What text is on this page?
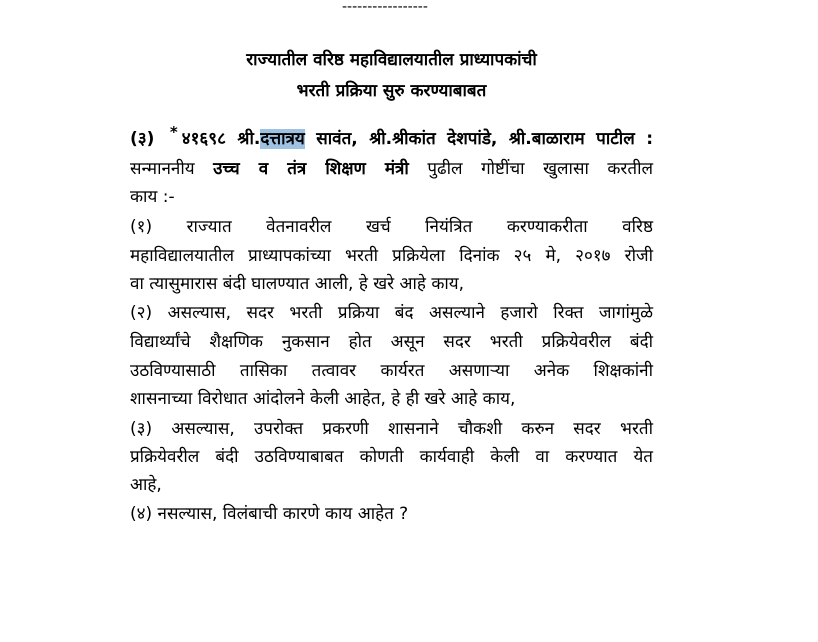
-----------------
राज्यातील वरिष्ठ महाविद्यालयातील प्राध्यापकांची
भरती प्रक्रिया सुरु करण्याबाबत
(३) * ४१६९८ श्री.दत्तात्रय सावंत, श्री.श्रीकांत देशपांडे, श्री.बाळाराम पाटील :
सन्माननीय उच्च व तंत्र शिक्षण मंत्री पुढील गोष्टींचा खुलासा करतील
काय :-
(१) राज्यात वेतनावरील खर्च नियंत्रित करण्याकरीता वरिष्ठ
महाविद्यालयातील प्राध्यापकांच्या भरती प्रक्रियेला दिनांक २५ मे, २०१७ रोजी
वा त्यासुमारास बंदी घालण्यात आली, हे खरे आहे काय,
(२) असल्यास, सदर भरती प्रक्रिया बंद असल्याने हजारो रिक्त जागांमुळे
विद्यार्थ्यांचे शैक्षणिक नुकसान होत असून सदर भरती प्रक्रियेवरील बंदी
उठविण्यासाठी तासिका तत्वावर कार्यरत असणाऱ्या अनेक शिक्षकांनी
शासनाच्या विरोधात आंदोलने केली आहेत, हे ही खरे आहे काय,
(३) असल्यास, उपरोक्त प्रकरणी शासनाने चौकशी करुन सदर भरती
प्रक्रियेवरील बंदी उठविण्याबाबत कोणती कार्यवाही केली वा करण्यात येत
आहे,
(४) नसल्यास, विलंबाची कारणे काय आहेत ?
